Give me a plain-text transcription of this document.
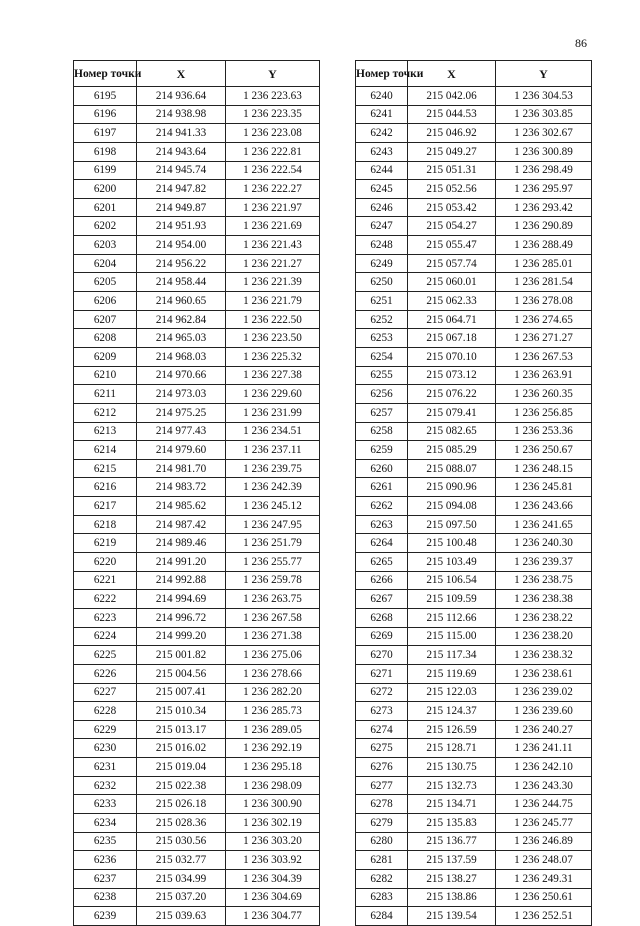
86
Номер точки	X	Y
6195	214 936.64	1 236 223.63
6196	214 938.98	1 236 223.35
6197	214 941.33	1 236 223.08
6198	214 943.64	1 236 222.81
6199	214 945.74	1 236 222.54
6200	214 947.82	1 236 222.27
6201	214 949.87	1 236 221.97
6202	214 951.93	1 236 221.69
6203	214 954.00	1 236 221.43
6204	214 956.22	1 236 221.27
6205	214 958.44	1 236 221.39
6206	214 960.65	1 236 221.79
6207	214 962.84	1 236 222.50
6208	214 965.03	1 236 223.50
6209	214 968.03	1 236 225.32
6210	214 970.66	1 236 227.38
6211	214 973.03	1 236 229.60
6212	214 975.25	1 236 231.99
6213	214 977.43	1 236 234.51
6214	214 979.60	1 236 237.11
6215	214 981.70	1 236 239.75
6216	214 983.72	1 236 242.39
6217	214 985.62	1 236 245.12
6218	214 987.42	1 236 247.95
6219	214 989.46	1 236 251.79
6220	214 991.20	1 236 255.77
6221	214 992.88	1 236 259.78
6222	214 994.69	1 236 263.75
6223	214 996.72	1 236 267.58
6224	214 999.20	1 236 271.38
6225	215 001.82	1 236 275.06
6226	215 004.56	1 236 278.66
6227	215 007.41	1 236 282.20
6228	215 010.34	1 236 285.73
6229	215 013.17	1 236 289.05
6230	215 016.02	1 236 292.19
6231	215 019.04	1 236 295.18
6232	215 022.38	1 236 298.09
6233	215 026.18	1 236 300.90
6234	215 028.36	1 236 302.19
6235	215 030.56	1 236 303.20
6236	215 032.77	1 236 303.92
6237	215 034.99	1 236 304.39
6238	215 037.20	1 236 304.69
6239	215 039.63	1 236 304.77
Номер точки	X	Y
6240	215 042.06	1 236 304.53
6241	215 044.53	1 236 303.85
6242	215 046.92	1 236 302.67
6243	215 049.27	1 236 300.89
6244	215 051.31	1 236 298.49
6245	215 052.56	1 236 295.97
6246	215 053.42	1 236 293.42
6247	215 054.27	1 236 290.89
6248	215 055.47	1 236 288.49
6249	215 057.74	1 236 285.01
6250	215 060.01	1 236 281.54
6251	215 062.33	1 236 278.08
6252	215 064.71	1 236 274.65
6253	215 067.18	1 236 271.27
6254	215 070.10	1 236 267.53
6255	215 073.12	1 236 263.91
6256	215 076.22	1 236 260.35
6257	215 079.41	1 236 256.85
6258	215 082.65	1 236 253.36
6259	215 085.29	1 236 250.67
6260	215 088.07	1 236 248.15
6261	215 090.96	1 236 245.81
6262	215 094.08	1 236 243.66
6263	215 097.50	1 236 241.65
6264	215 100.48	1 236 240.30
6265	215 103.49	1 236 239.37
6266	215 106.54	1 236 238.75
6267	215 109.59	1 236 238.38
6268	215 112.66	1 236 238.22
6269	215 115.00	1 236 238.20
6270	215 117.34	1 236 238.32
6271	215 119.69	1 236 238.61
6272	215 122.03	1 236 239.02
6273	215 124.37	1 236 239.60
6274	215 126.59	1 236 240.27
6275	215 128.71	1 236 241.11
6276	215 130.75	1 236 242.10
6277	215 132.73	1 236 243.30
6278	215 134.71	1 236 244.75
6279	215 135.83	1 236 245.77
6280	215 136.77	1 236 246.89
6281	215 137.59	1 236 248.07
6282	215 138.27	1 236 249.31
6283	215 138.86	1 236 250.61
6284	215 139.54	1 236 252.51
